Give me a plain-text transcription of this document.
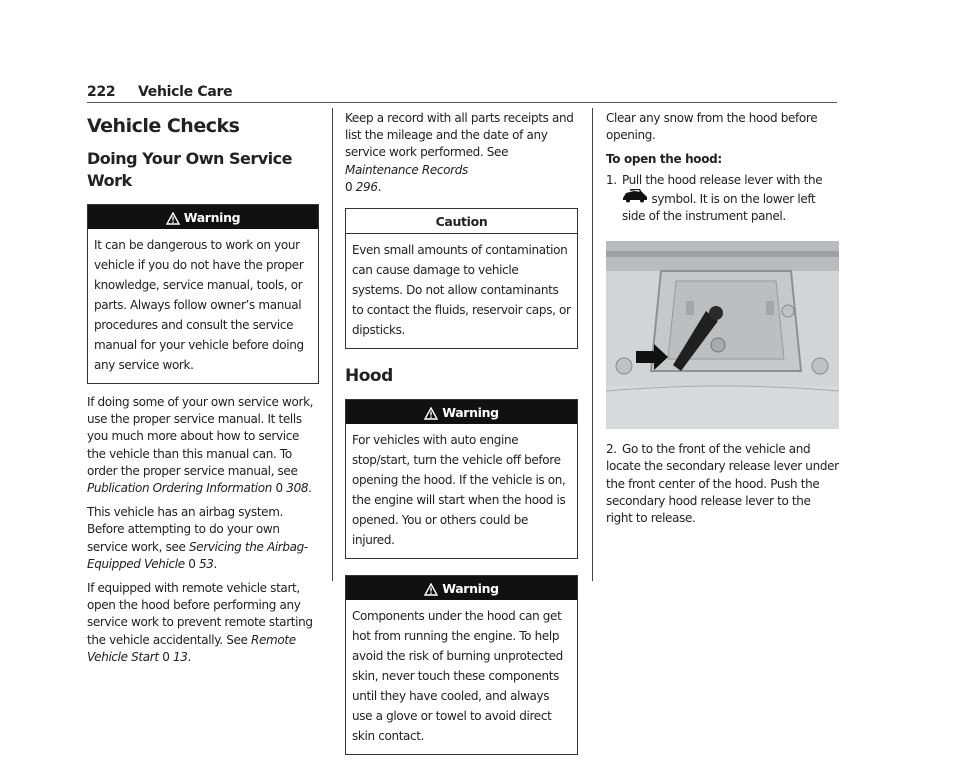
222 Vehicle Care
Vehicle Checks
Doing Your Own Service Work
Warning
It can be dangerous to work on your vehicle if you do not have the proper knowledge, service manual, tools, or parts. Always follow owner’s manual procedures and consult the service manual for your vehicle before doing any service work.

If doing some of your own service work, use the proper service manual. It tells you much more about how to service the vehicle than this manual can. To order the proper service manual, see Publication Ordering Information 0 308.

This vehicle has an airbag system. Before attempting to do your own service work, see Servicing the Airbag-Equipped Vehicle 0 53.

If equipped with remote vehicle start, open the hood before performing any service work to prevent remote starting the vehicle accidentally. See Remote Vehicle Start 0 13.

Keep a record with all parts receipts and list the mileage and the date of any service work performed. See Maintenance Records
0 296.

Caution
Even small amounts of contamination can cause damage to vehicle systems. Do not allow contaminants to contact the fluids, reservoir caps, or dipsticks.
Hood
Warning
For vehicles with auto engine stop/start, turn the vehicle off before opening the hood. If the vehicle is on, the engine will start when the hood is opened. You or others could be injured.
Warning
Components under the hood can get hot from running the engine. To help avoid the risk of burning unprotected skin, never touch these components until they have cooled, and always use a glove or towel to avoid direct skin contact.

Clear any snow from the hood before opening.

To open the hood:

1. Pull the hood release lever with the
symbol. It is on the lower left side of the instrument panel.
2. Go to the front of the vehicle and locate the secondary release lever under the front center of the hood. Push the secondary hood release lever to the right to release.
